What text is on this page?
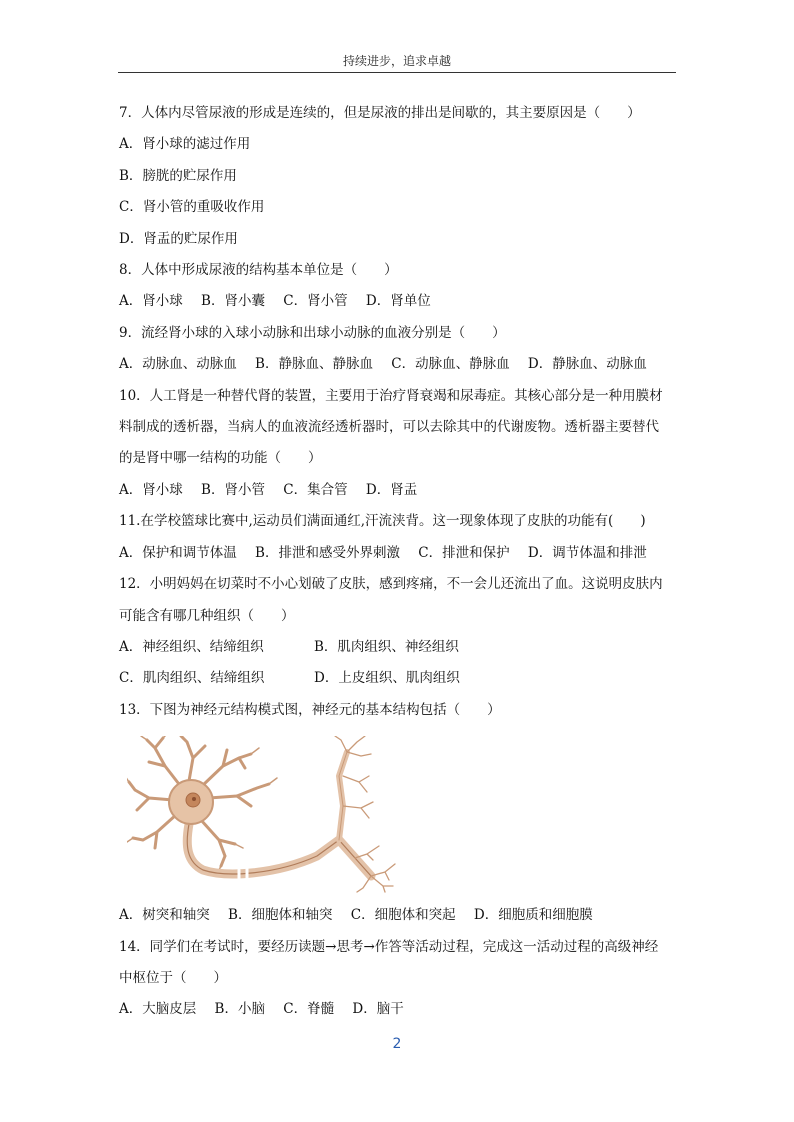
持续进步，追求卓越
7．人体内尽管尿液的形成是连续的，但是尿液的排出是间歇的，其主要原因是（　　）
A．肾小球的滤过作用
B．膀胱的贮尿作用
C．肾小管的重吸收作用
D．肾盂的贮尿作用
8．人体中形成尿液的结构基本单位是（　　）
A．肾小球 B．肾小囊 C．肾小管 D．肾单位
9．流经肾小球的入球小动脉和出球小动脉的血液分别是（　　）
A．动脉血、动脉血 B．静脉血、静脉血 C．动脉血、静脉血 D．静脉血、动脉血
10．人工肾是一种替代肾的装置，主要用于治疗肾衰竭和尿毒症。其核心部分是一种用膜材
料制成的透析器，当病人的血液流经透析器时，可以去除其中的代谢废物。透析器主要替代
的是肾中哪一结构的功能（　　）
A．肾小球 B．肾小管 C．集合管 D．肾盂
11.在学校篮球比赛中,运动员们满面通红,汗流浃背。这一现象体现了皮肤的功能有(　　)
A．保护和调节体温 B．排泄和感受外界刺激 C．排泄和保护 D．调节体温和排泄
12．小明妈妈在切菜时不小心划破了皮肤，感到疼痛，不一会儿还流出了血。这说明皮肤内
可能含有哪几种组织（　　）
A．神经组织、结缔组织	B．肌肉组织、神经组织
C．肌肉组织、结缔组织	D．上皮组织、肌肉组织
13．下图为神经元结构模式图，神经元的基本结构包括（　　）
A．树突和轴突 B．细胞体和轴突 C．细胞体和突起 D．细胞质和细胞膜
14．同学们在考试时，要经历读题→思考→作答等活动过程，完成这一活动过程的高级神经
中枢位于（　　）
A．大脑皮层 B．小脑 C．脊髓 D．脑干
2
